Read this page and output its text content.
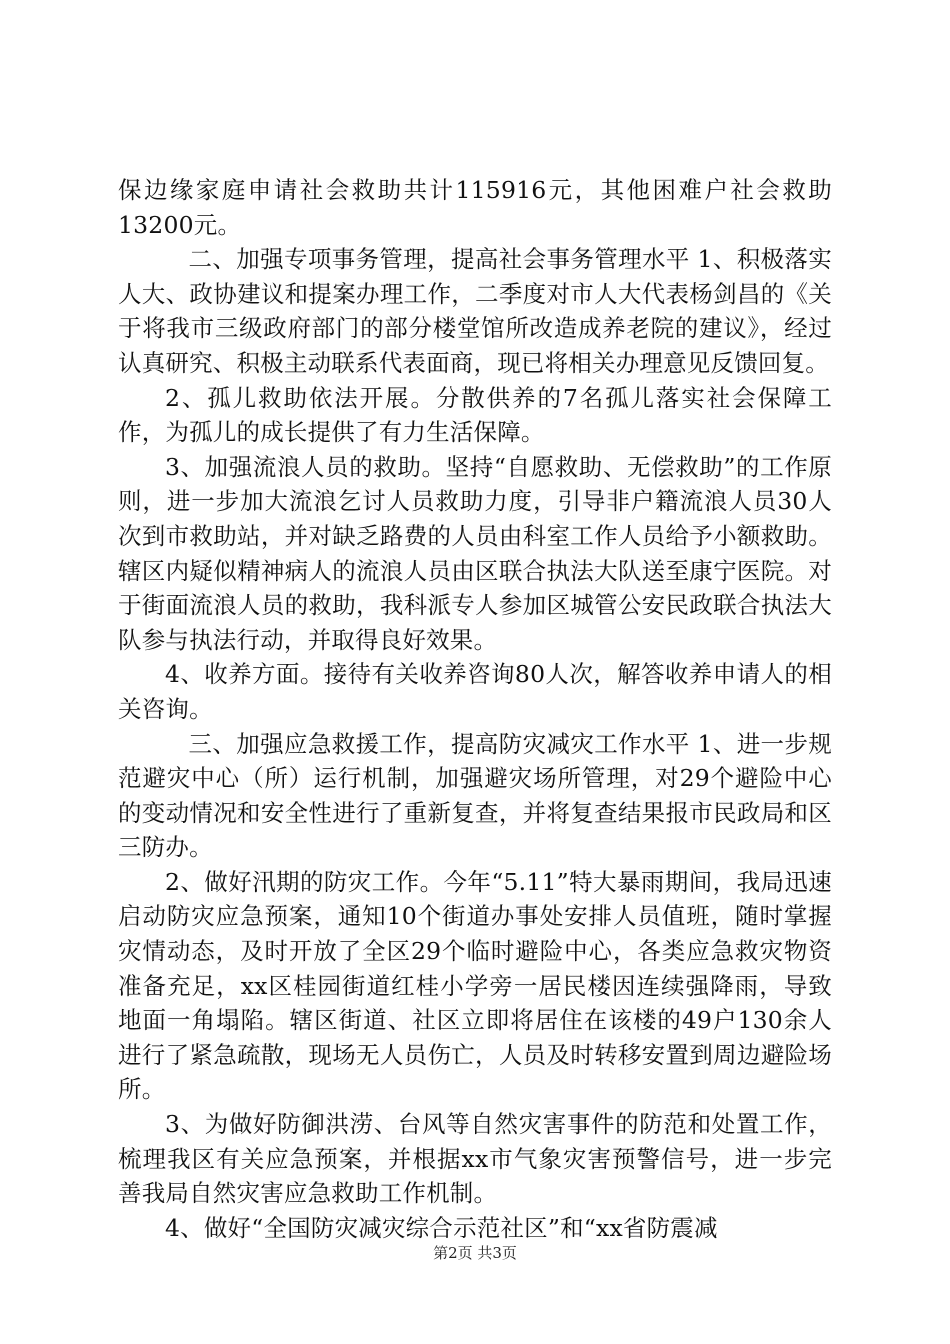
保边缘家庭申请社会救助共计115916元，其他困难户社会救助13200元。

二、加强专项事务管理，提高社会事务管理水平 1、积极落实人大、政协建议和提案办理工作，二季度对市人大代表杨剑昌的《关于将我市三级政府部门的部分楼堂馆所改造成养老院的建议》，经过认真研究、积极主动联系代表面商，现已将相关办理意见反馈回复。

2、孤儿救助依法开展。分散供养的7名孤儿落实社会保障工作，为孤儿的成长提供了有力生活保障。

3、加强流浪人员的救助。坚持“自愿救助、无偿救助”的工作原则，进一步加大流浪乞讨人员救助力度，引导非户籍流浪人员30人次到市救助站，并对缺乏路费的人员由科室工作人员给予小额救助。辖区内疑似精神病人的流浪人员由区联合执法大队送至康宁医院。对于街面流浪人员的救助，我科派专人参加区城管公安民政联合执法大队参与执法行动，并取得良好效果。

4、收养方面。接待有关收养咨询80人次，解答收养申请人的相关咨询。

三、加强应急救援工作，提高防灾减灾工作水平 1、进一步规范避灾中心（所）运行机制，加强避灾场所管理，对29个避险中心的变动情况和安全性进行了重新复查，并将复查结果报市民政局和区三防办。

2、做好汛期的防灾工作。今年“5.11”特大暴雨期间，我局迅速启动防灾应急预案，通知10个街道办事处安排人员值班，随时掌握灾情动态，及时开放了全区29个临时避险中心，各类应急救灾物资准备充足，xx区桂园街道红桂小学旁一居民楼因连续强降雨，导致地面一角塌陷。辖区街道、社区立即将居住在该楼的49户130余人进行了紧急疏散，现场无人员伤亡，人员及时转移安置到周边避险场所。

3、为做好防御洪涝、台风等自然灾害事件的防范和处置工作，梳理我区有关应急预案，并根据xx市气象灾害预警信号，进一步完善我局自然灾害应急救助工作机制。

4、做好“全国防灾减灾综合示范社区”和“xx省防震减

第2页 共3页
